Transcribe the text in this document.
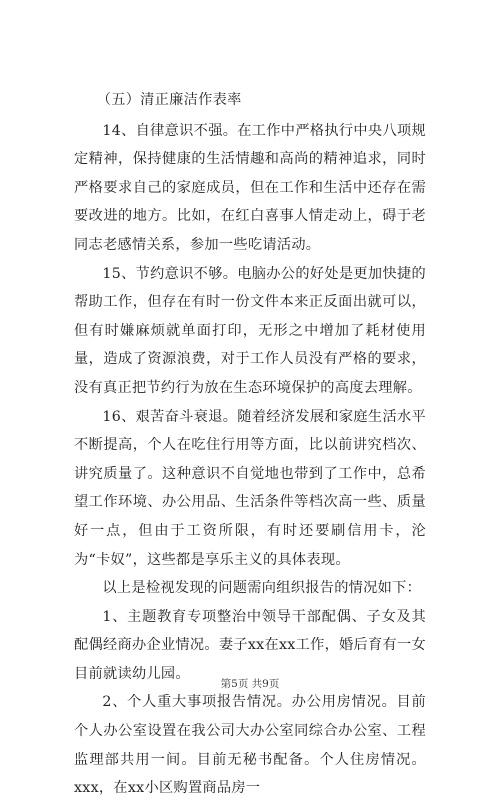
（五）清正廉洁作表率

14、自律意识不强。在工作中严格执行中央八项规定精神，保持健康的生活情趣和高尚的精神追求，同时严格要求自己的家庭成员，但在工作和生活中还存在需要改进的地方。比如，在红白喜事人情走动上，碍于老同志老感情关系，参加一些吃请活动。

15、节约意识不够。电脑办公的好处是更加快捷的帮助工作，但存在有时一份文件本来正反面出就可以，但有时嫌麻烦就单面打印，无形之中增加了耗材使用量，造成了资源浪费，对于工作人员没有严格的要求，没有真正把节约行为放在生态环境保护的高度去理解。

16、艰苦奋斗衰退。随着经济发展和家庭生活水平不断提高，个人在吃住行用等方面，比以前讲究档次、讲究质量了。这种意识不自觉地也带到了工作中，总希望工作环境、办公用品、生活条件等档次高一些、质量好一点，但由于工资所限，有时还要刷信用卡，沦为“卡奴”，这些都是享乐主义的具体表现。

以上是检视发现的问题需向组织报告的情况如下：

1、主题教育专项整治中领导干部配偶、子女及其配偶经商办企业情况。妻子xx在xx工作，婚后育有一女目前就读幼儿园。

2、个人重大事项报告情况。办公用房情况。目前个人办公室设置在我公司大办公室同综合办公室、工程监理部共用一间。目前无秘书配备。个人住房情况。xxx，在xx小区购置商品房一

第5页 共9页
